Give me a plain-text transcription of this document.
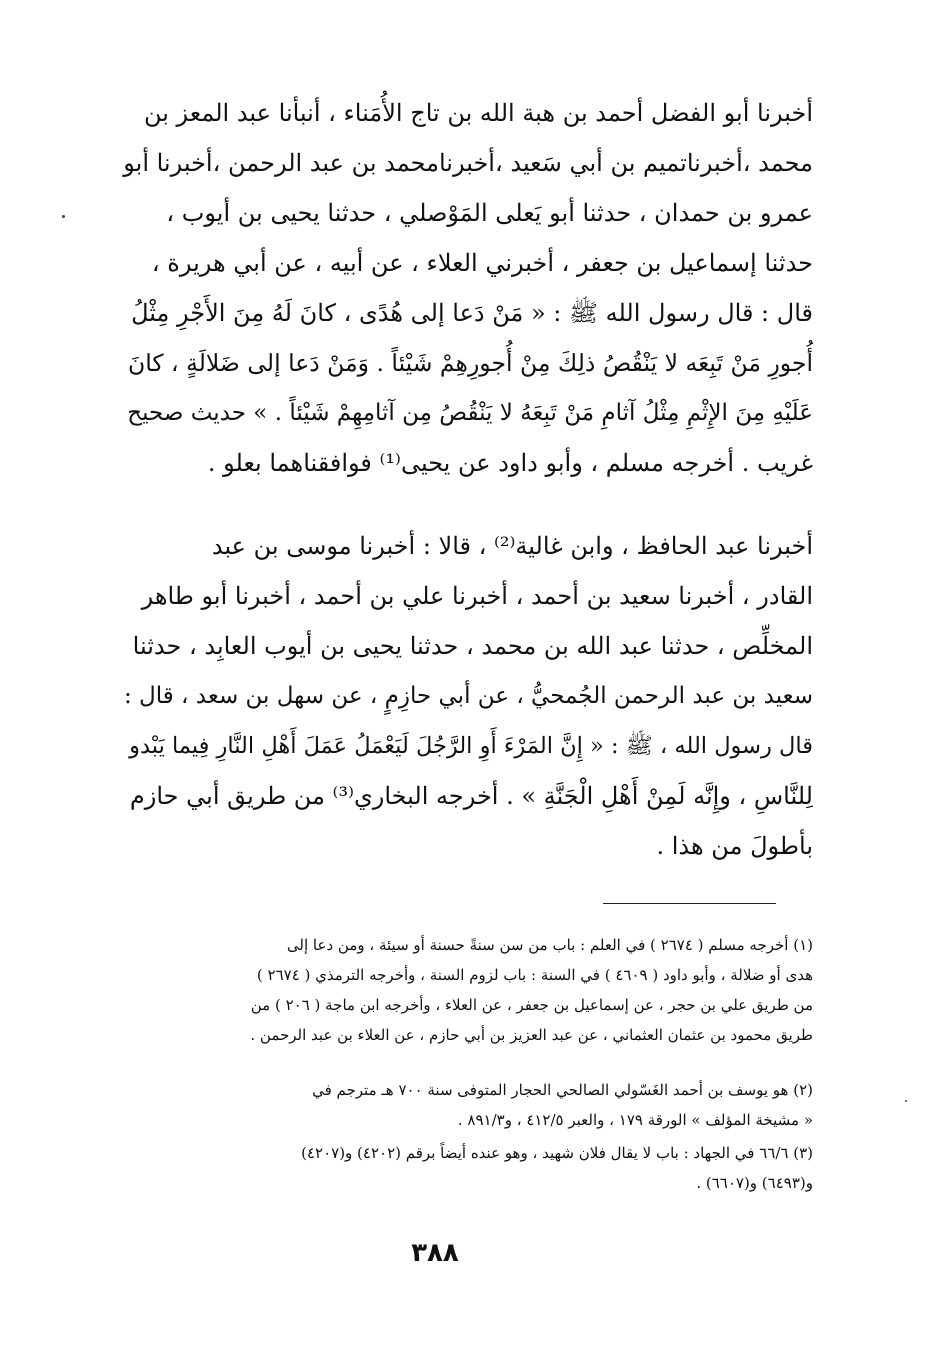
أخبرنا أبو الفضل أحمد بن هبة الله بن تاج الأُمَناء ، أنبأنا عبد المعز بن
محمد ،أخبرناتميم بن أبي سَعيد ،أخبرنامحمد بن عبد الرحمن ،أخبرنا أبو
عمرو بن حمدان ، حدثنا أبو يَعلى المَوْصلي ، حدثنا يحيى بن أيوب ،
حدثنا إسماعيل بن جعفر ، أخبرني العلاء ، عن أبيه ، عن أبي هريرة ،
قال : قال رسول الله ﷺ : « مَنْ دَعا إلى هُدًى ، كانَ لَهُ مِنَ الأَجْرِ مِثْلُ
أُجورِ مَنْ تَبِعَه لا يَنْقُصُ ذلِكَ مِنْ أُجورِهِمْ شَيْئاً . وَمَنْ دَعا إلى ضَلالَةٍ ، كانَ
عَلَيْهِ مِنَ الإِثْمِ مِثْلُ آثامِ مَنْ تَبِعَهُ لا يَنْقُصُ مِن آثامِهِمْ شَيْئاً . » حديث صحيح
غريب . أخرجه مسلم ، وأبو داود عن يحيى⁽¹⁾ فوافقناهما بعلو .
أخبرنا عبد الحافظ ، وابن غالية⁽²⁾ ، قالا : أخبرنا موسى بن عبد
القادر ، أخبرنا سعيد بن أحمد ، أخبرنا علي بن أحمد ، أخبرنا أبو طاهر
المخلِّص ، حدثنا عبد الله بن محمد ، حدثنا يحيى بن أيوب العابِد ، حدثنا
سعيد بن عبد الرحمن الجُمحيُّ ، عن أبي حازِمٍ ، عن سهل بن سعد ، قال :
قال رسول الله ، ﷺ : « إِنَّ المَرْءَ أَوِ الرَّجُلَ لَيَعْمَلُ عَمَلَ أَهْلِ النَّارِ فِيما يَبْدو
لِلنَّاسِ ، وإِنَّه لَمِنْ أَهْلِ الْجَنَّةِ » . أخرجه البخاري⁽³⁾ من طريق أبي حازم
بأطولَ من هذا .
(١) أخرجه مسلم ( ٢٦٧٤ ) في العلم : باب من سن سنةً حسنة أو سيئة ، ومن دعا إلى
هدى أو ضلالة ، وأبو داود ( ٤٦٠٩ ) في السنة : باب لزوم السنة ، وأخرجه الترمذي ( ٢٦٧٤ )
من طريق علي بن حجر ، عن إسماعيل بن جعفر ، عن العلاء ، وأخرجه ابن ماجة ( ٢٠٦ ) من
طريق محمود بن عثمان العثماني ، عن عبد العزيز بن أبي حازم ، عن العلاء بن عبد الرحمن .
(٢) هو يوسف بن أحمد الغَسّولي الصالحي الحجار المتوفى سنة ٧٠٠ هـ مترجم في
« مشيخة المؤلف » الورقة ١٧٩ ، والعبر ٤١٢/٥ ، و٨٩١/٣ .
(٣) ٦٦/٦ في الجهاد : باب لا يقال فلان شهيد ، وهو عنده أيضاً برقم (٤٢٠٢) و(٤٢٠٧)
و(٦٤٩٣) و(٦٦٠٧) .
٣٨٨
